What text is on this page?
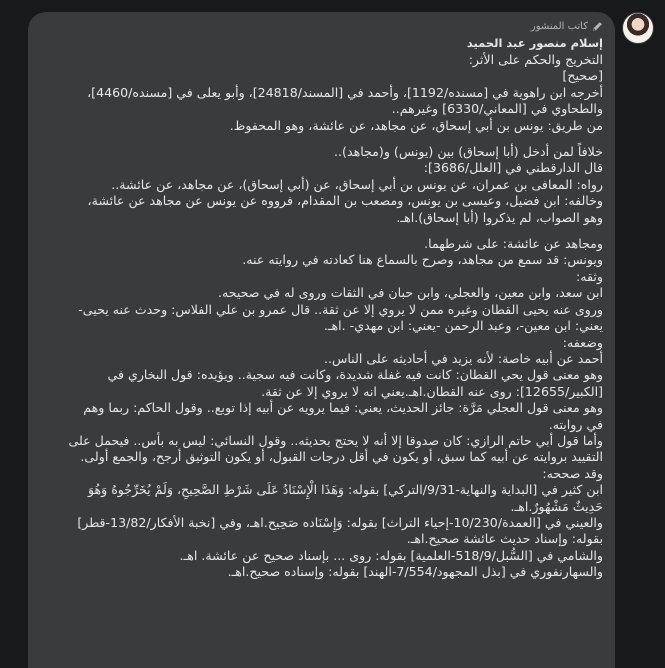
كاتب المنشور
إسلام منصور عبد الحميد
التخريج والحكم على الأثر:
[صحيح]
أخرجه ابن راهوية في [مسنده/1192]، وأحمد في [المسند/24818]، وأبو يعلى في [مسنده/4460]،
والطحاوي في [المعاني/6330] وغيرهم..
من طريق: يونس بن أبي إسحاق، عن مجاهد، عن عائشة، وهو المحفوظ.
خلافاً لمن أدخل (أبا إسحاق) بين (يونس) و(مجاهد)..
قال الدارقطني في [العلل/3686]:
رواه: المعافى بن عمران، عن يونس بن أبي إسحاق، عن (أبي إسحاق)، عن مجاهد، عن عائشة..
وخالفه: ابن فضيل، وعيسى بن يونس، ومصعب بن المقدام، فرووه عن يونس عن مجاهد عن عائشة،
وهو الصواب، لم يذكروا (أبا إسحاق).اهـ.
ومجاهد عن عائشة: على شرطهما.
ويونس: قد سمع من مجاهد، وصرح بالسماع هنا كعادته في روايته عنه.
وثقه:
ابن سعد، وابن معين، والعجلي، وابن حبان في الثقات وروى له في صحيحه.
وروى عنه يحيى القطان وغيره ممن لا يروي إلا عن ثقة.. قال عمرو بن علي الفلاس: وحدث عنه يحيى-
يعني: ابن معين-، وعبد الرحمن -يعني: ابن مهدي- .اهـ.
وضعفه:
أحمد عن أبيه خاصة: لأنه يزيد في أحاديثه على الناس..
وهو معنى قول يحي القطان: كانت فيه غفلة شديدة، وكانت فيه سجية.. ويؤيده: قول البخاري في
[الكبير/12655]: روى عنه القطان.اهـ.يعني انه لا يروي إلا عن ثقة.
وهو معنى قول العجلي مَرَّة: جائز الحديث، يعني: فيما يرويه عن أبيه إذا توبع.. وقول الحاكم: ربما وهم
في روايته.
وأما قول أبي حاتم الرازي: كان صدوقا إلا أنه لا يحتج بحديثه.. وقول النسائي: ليس به بأس.. فيحمل على
التقييد بروايته عن أبيه كما سبق، أو يكون في أقل درجات القبول، أو يكون التوثيق أرجح، والجمع أولى.
وقد صححه:
ابن كثير في [البداية والنهاية-9/31/التركي] بقوله: وَهَذَا الْإِسْنَادُ عَلَى شَرْطِ الصَّحِيحِ، وَلَمْ يُخَرِّجُوهُ وَهُوَ
حَدِيثٌ مَشْهُورٌ.اهـ.
والعيني في [العمدة/10/230-إحياء التراث] بقوله: وَإِسْنَاده صَحِيح.اهـ، وفي [نخبة الأفكار/13/82-قطر]
بقوله: وإسناد حديث عائشة صحيح.اهـ.
والشامي في [السُّبل/518/9-العلمية] بقوله: روى ... بإسناد صحيح عن عائشة. اهـ.
والسهارنفوري في [بذل المجهود/7/554-الهند] بقوله: وإسناده صحيح.اهـ.
